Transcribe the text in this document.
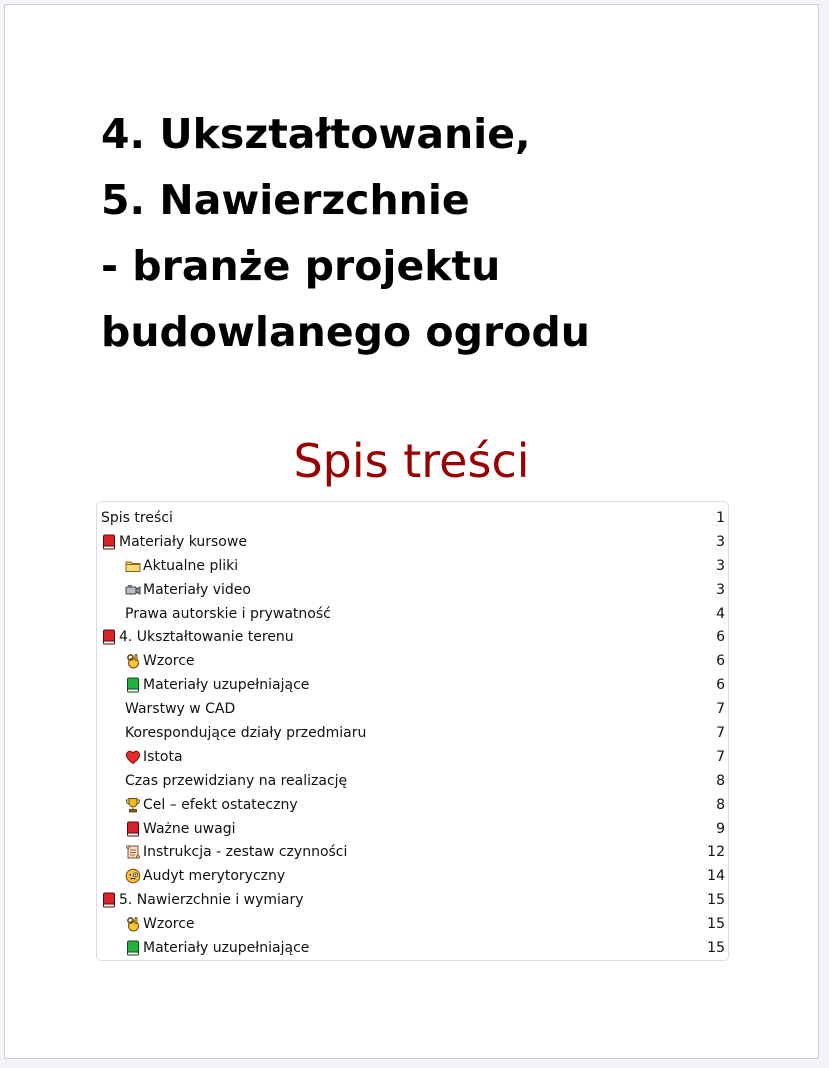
4. Ukształtowanie,
5. Nawierzchnie
- branże projektu
budowlanego ogrodu
Spis treści
Spis treści	1
Materiały kursowe	3
Aktualne pliki	3
Materiały video	3
Prawa autorskie i prywatność	4
4. Ukształtowanie terenu	6
Wzorce	6
Materiały uzupełniające	6
Warstwy w CAD	7
Korespondujące działy przedmiaru	7
Istota	7
Czas przewidziany na realizację	8
Cel – efekt ostateczny	8
Ważne uwagi	9
Instrukcja - zestaw czynności	12
Audyt merytoryczny	14
5. Nawierzchnie i wymiary	15
Wzorce	15
Materiały uzupełniające	15
